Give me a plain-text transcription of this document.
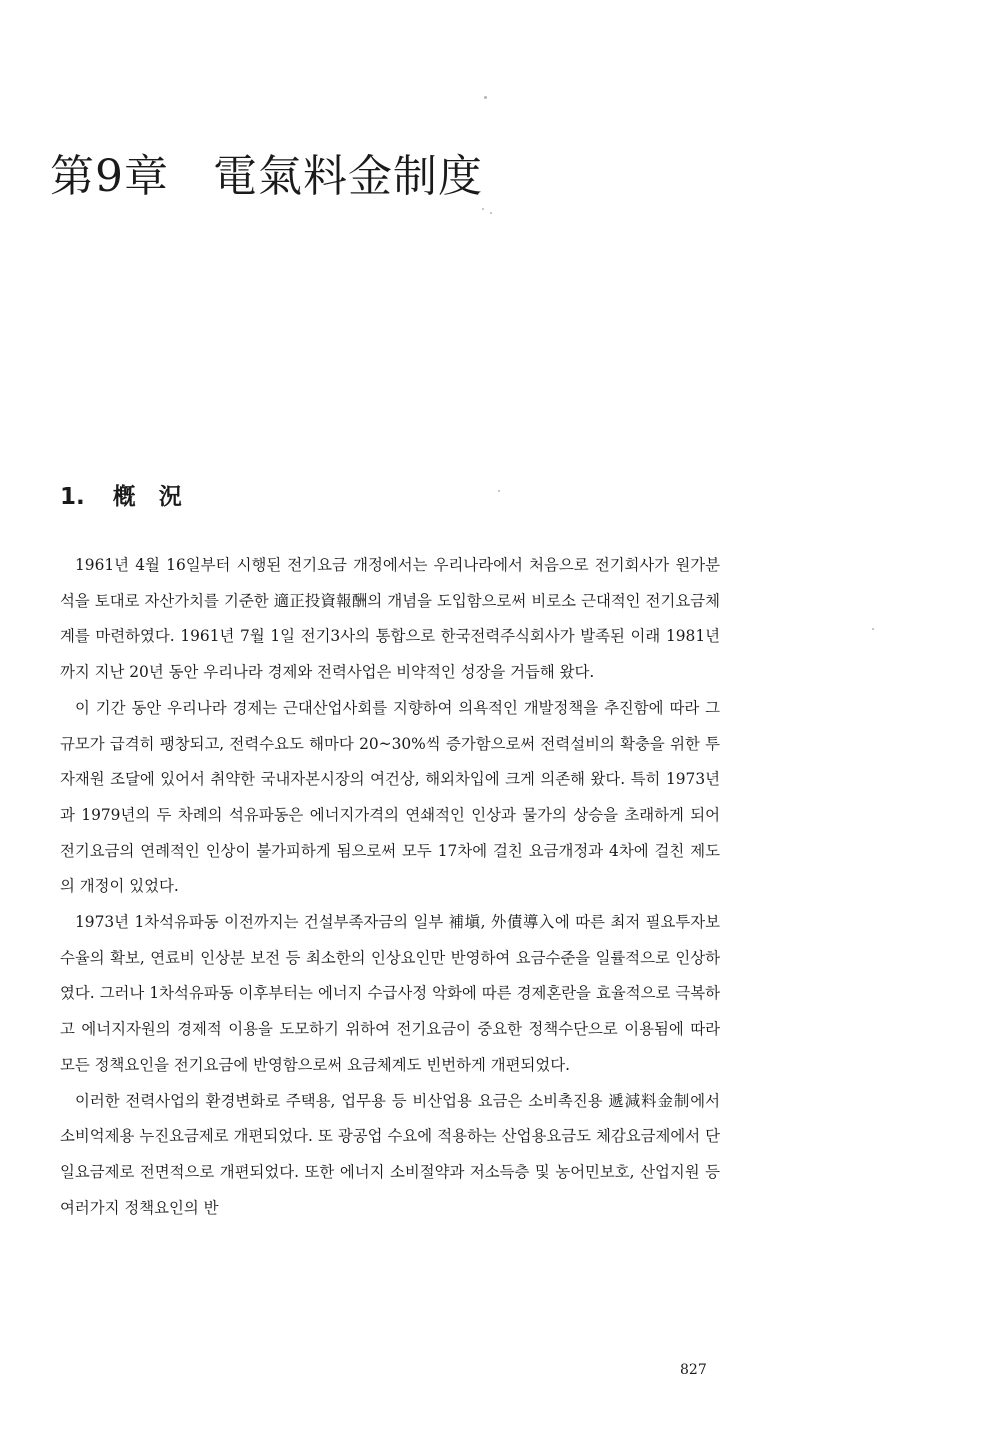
第9章 電氣料金制度
1. 槪　況

1961년 4월 16일부터 시행된 전기요금 개정에서는 우리나라에서 처음으로 전기회사가 원가분석을 토대로 자산가치를 기준한 適正投資報酬의 개념을 도입함으로써 비로소 근대적인 전기요금체계를 마련하였다. 1961년 7월 1일 전기3사의 통합으로 한국전력주식회사가 발족된 이래 1981년까지 지난 20년 동안 우리나라 경제와 전력사업은 비약적인 성장을 거듭해 왔다.

이 기간 동안 우리나라 경제는 근대산업사회를 지향하여 의욕적인 개발정책을 추진함에 따라 그 규모가 급격히 팽창되고, 전력수요도 해마다 20~30%씩 증가함으로써 전력설비의 확충을 위한 투자재원 조달에 있어서 취약한 국내자본시장의 여건상, 해외차입에 크게 의존해 왔다. 특히 1973년과 1979년의 두 차례의 석유파동은 에너지가격의 연쇄적인 인상과 물가의 상승을 초래하게 되어 전기요금의 연례적인 인상이 불가피하게 됨으로써 모두 17차에 걸친 요금개정과 4차에 걸친 제도의 개정이 있었다.

1973년 1차석유파동 이전까지는 건설부족자금의 일부 補塡, 外債導入에 따른 최저 필요투자보수율의 확보, 연료비 인상분 보전 등 최소한의 인상요인만 반영하여 요금수준을 일률적으로 인상하였다. 그러나 1차석유파동 이후부터는 에너지 수급사정 악화에 따른 경제혼란을 효율적으로 극복하고 에너지자원의 경제적 이용을 도모하기 위하여 전기요금이 중요한 정책수단으로 이용됨에 따라 모든 정책요인을 전기요금에 반영함으로써 요금체계도 빈번하게 개편되었다.

이러한 전력사업의 환경변화로 주택용, 업무용 등 비산업용 요금은 소비촉진용 遞減料金制에서 소비억제용 누진요금제로 개편되었다. 또 광공업 수요에 적용하는 산업용요금도 체감요금제에서 단일요금제로 전면적으로 개편되었다. 또한 에너지 소비절약과 저소득층 및 농어민보호, 산업지원 등 여러가지 정책요인의 반

827
